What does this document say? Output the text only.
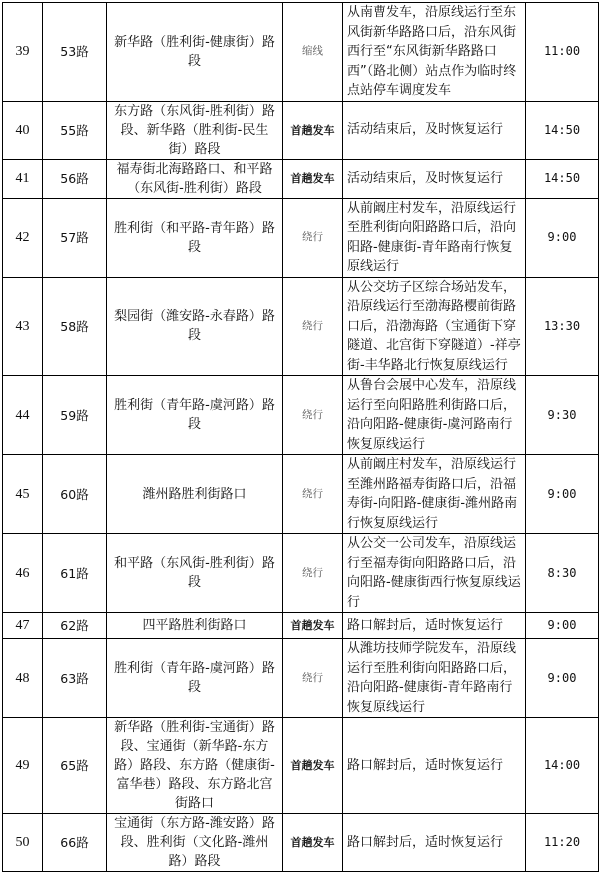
39	53路	新华路（胜利街-健康街）路段	缩线	从南曹发车，沿原线运行至东风街新华路路口后，沿东风街西行至“东风街新华路路口西”（路北侧）站点作为临时终点站停车调度发车	11:00
40	55路	东方路（东风街-胜利街）路段、新华路（胜利街-民生街）路段	首趟发车	活动结束后，及时恢复运行	14:50
41	56路	福寿街北海路路口、和平路（东风街-胜利街）路段	首趟发车	活动结束后，及时恢复运行	14:50
42	57路	胜利街（和平路-青年路）路段	绕行	从前阚庄村发车，沿原线运行至胜利街向阳路路口后，沿向阳路-健康街-青年路南行恢复原线运行	9:00
43	58路	梨园街（潍安路-永春路）路段	绕行	从公交坊子区综合场站发车，沿原线运行至渤海路樱前街路口后，沿渤海路（宝通街下穿隧道、北宫街下穿隧道）-祥亭街-丰华路北行恢复原线运行	13:30
44	59路	胜利街（青年路-虞河路）路段	绕行	从鲁台会展中心发车，沿原线运行至向阳路胜利街路口后，沿向阳路-健康街-虞河路南行恢复原线运行	9:30
45	60路	潍州路胜利街路口	绕行	从前阚庄村发车，沿原线运行至潍州路福寿街路口后，沿福寿街-向阳路-健康街-潍州路南行恢复原线运行	9:00
46	61路	和平路（东风街-胜利街）路段	绕行	从公交一公司发车，沿原线运行至福寿街向阳路路口后，沿向阳路-健康街西行恢复原线运行	8:30
47	62路	四平路胜利街路口	首趟发车	路口解封后，适时恢复运行	9:00
48	63路	胜利街（青年路-虞河路）路段	绕行	从潍坊技师学院发车，沿原线运行至胜利街向阳路路口后，沿向阳路-健康街-青年路南行恢复原线运行	9:00
49	65路	新华路（胜利街-宝通街）路段、宝通街（新华路-东方路）路段、东方路（健康街-富华巷）路段、东方路北宫街路口	首趟发车	路口解封后，适时恢复运行	14:00
50	66路	宝通街（东方路-潍安路）路段、胜利街（文化路-潍州路）路段	首趟发车	路口解封后，适时恢复运行	11:20
